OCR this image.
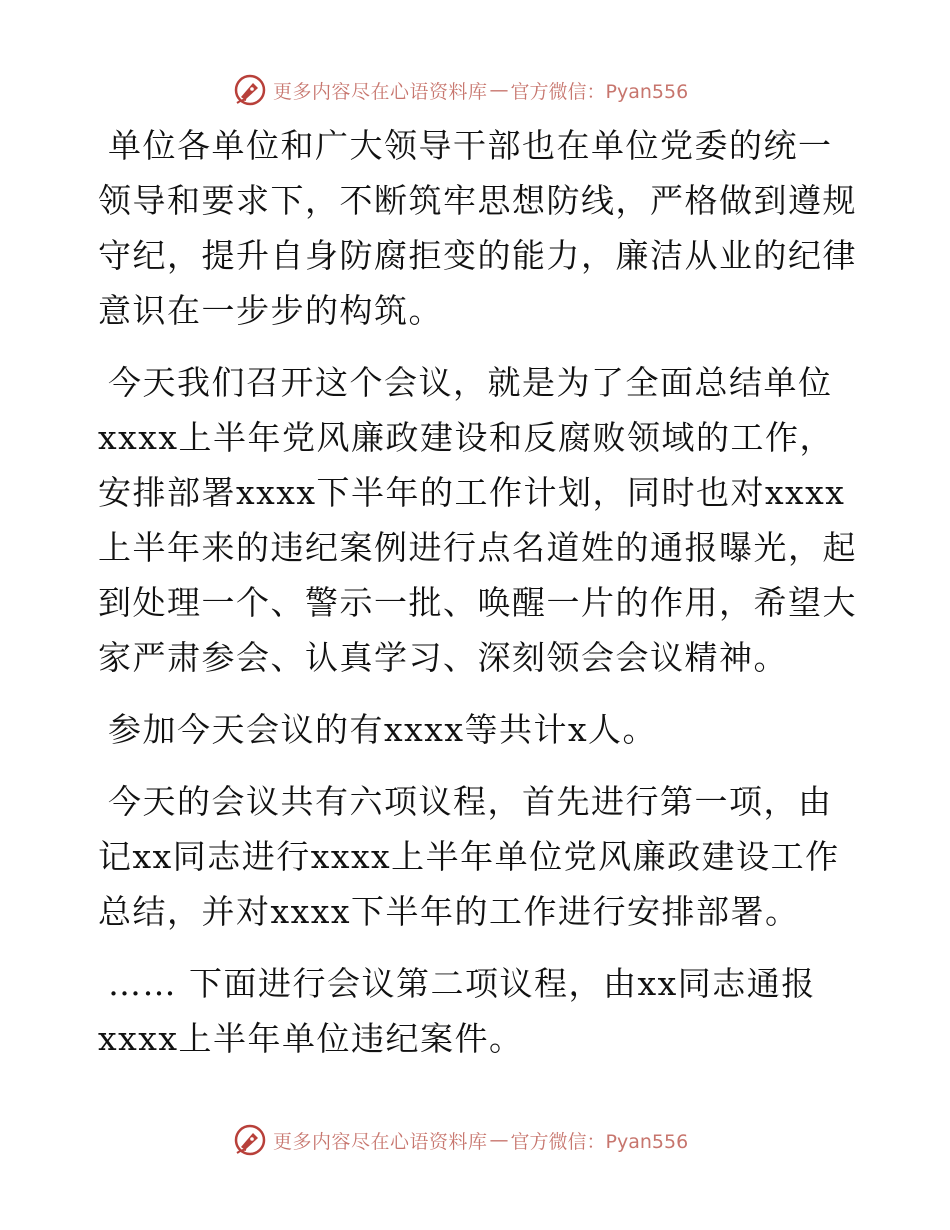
更多内容尽在心语资料库 — 官方微信：Pyan556

单位各单位和广大领导干部也在单位党委的统一领导和要求下，不断筑牢思想防线，严格做到遵规守纪，提升自身防腐拒变的能力，廉洁从业的纪律意识在一步步的构筑。

今天我们召开这个会议，就是为了全面总结单位xxxx上半年党风廉政建设和反腐败领域的工作，安排部署xxxx下半年的工作计划，同时也对xxxx上半年来的违纪案例进行点名道姓的通报曝光，起到处理一个、警示一批、唤醒一片的作用，希望大家严肃参会、认真学习、深刻领会会议精神。

参加今天会议的有xxxx等共计x人。

今天的会议共有六项议程，首先进行第一项，由记xx同志进行xxxx上半年单位党风廉政建设工作总结，并对xxxx下半年的工作进行安排部署。

…… 下面进行会议第二项议程，由xx同志通报xxxx上半年单位违纪案件。

更多内容尽在心语资料库 — 官方微信：Pyan556
